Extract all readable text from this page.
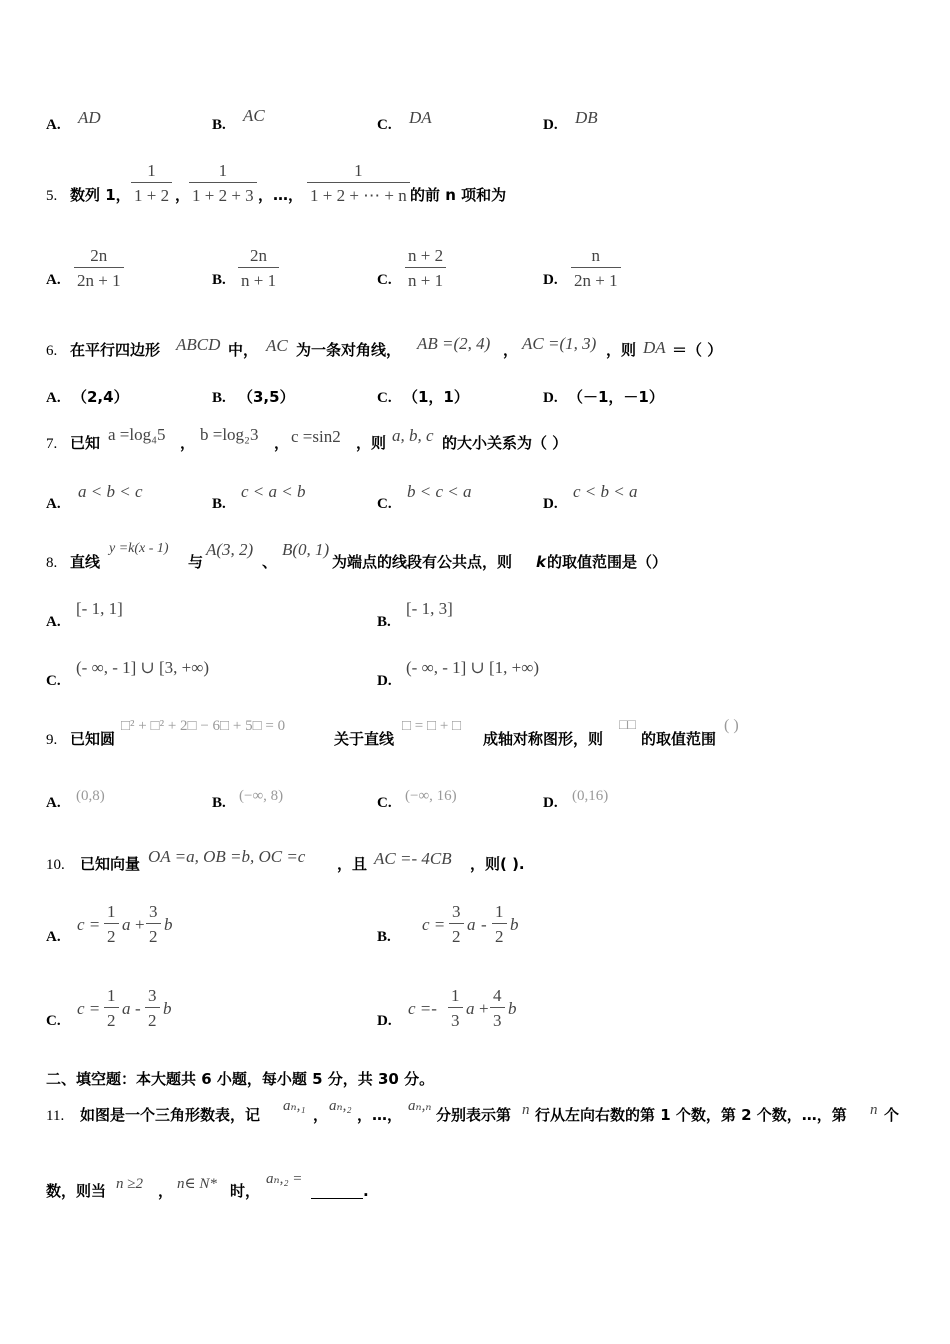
A. AD	B. AC	C. DA	D. DB
5. 数列 1， $\frac{1}{1 + 2}$ ，
$\frac{1}{1 + 2 + 3}$ ，…， $\frac{1}{1 + 2 + \cdots + n}$ 的前 n 项和为
A. $\frac{2n}{2n + 1}$	B. $\frac{2n}{n + 1}$	C. $\frac{n + 2}{n + 1}$	D. $\frac{n}{2n + 1}$
6. 在平行四边形 ABCD 中， AC 为一条对角线， AB =(2, 4) ， AC =(1, 3) ，则 DA ＝（ ）
A. （2,4）	B. （3,5）	C. （1，1）	D. （－1，－1）
7. 已知 a =log₄5 ， b =log₂3 ， c =sin2 ，则 a, b, c 的大小关系为（ ）
A.
a < b < c
B.
c < a < b
C.
b < c < a
D.
c < b < a
8. 直线
y =k(x - 1)
与
A(3, 2)
、
B(0, 1)
为端点的线段有公共点，则 k 的取值范围是（）
A.
[- 1, 1]
B.
[- 1, 3]
C.
(- ∞, - 1] ∪ [3, +∞)
D.
(- ∞, - 1] ∪ [1, +∞)
9. 已知圆
□² + □² + 2□ − 6□ + 5□ = 0
关于直线
□ = □ + □
成轴对称图形，则
□□
的取值范围
( )
A. (0,8)	B. (−∞, 8)	C. (−∞, 16)	D. (0,16)
10. 已知向量 OA =a, OB =b, OC =c ，且 AC =- 4CB ，则( ).
A.
$c = \frac{1}{2}$ $a + \frac{3}{2}$ b
B.
$c = \frac{3}{2}$ a - $\frac{1}{2}$ b
C.
$c = \frac{1}{2}$ a - $\frac{3}{2}$ b
D.
$c =- \frac{1}{3}$ $a + \frac{4}{3}$ b
二、填空题：本大题共 6 小题，每小题 5 分，共 30 分。
11. 如图是一个三角形数表，记 aₙ,₁ ， aₙ,₂ ，…， aₙ,ₙ 分别表示第 n 行从左向右数的第 1 个数，第 2 个数，…，第 n 个
数，则当 n ≥2 ， n∈ N* 时，
aₙ,₂ =
.
